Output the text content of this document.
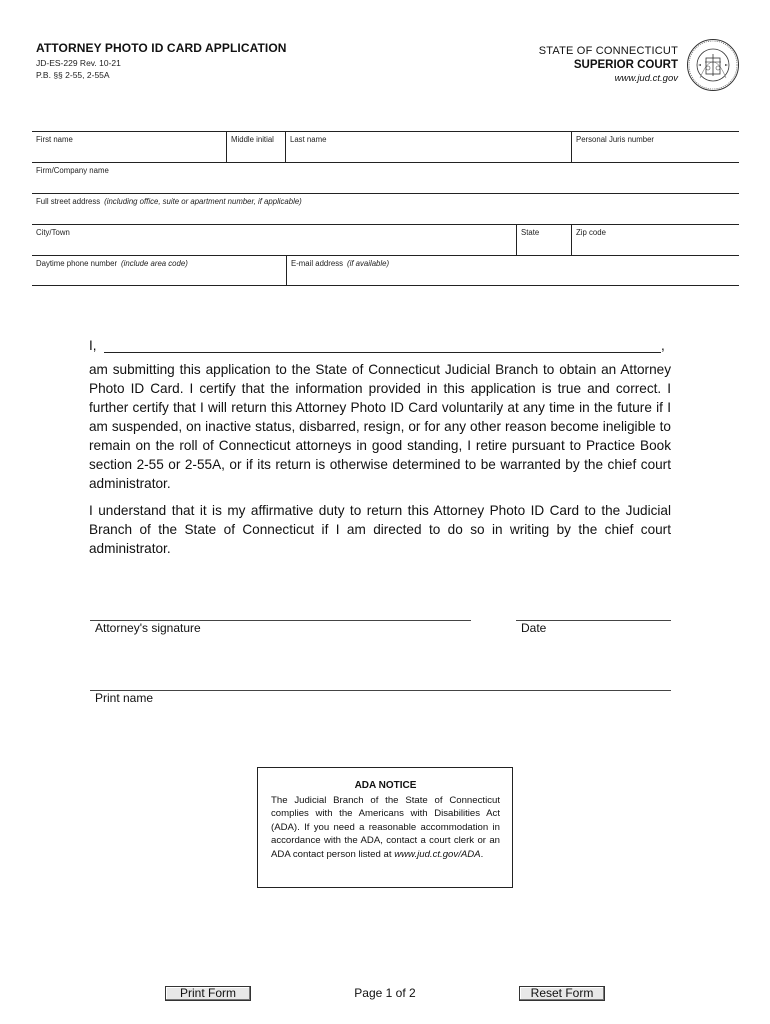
ATTORNEY PHOTO ID CARD APPLICATION
JD-ES-229 Rev. 10-21
P.B. §§ 2-55, 2-55A
STATE OF CONNECTICUT
SUPERIOR COURT
www.jud.ct.gov
First name	Middle initial	Last name	Personal Juris number
Firm/Company name
Full street address (including office, suite or apartment number, if applicable)
City/Town	State	Zip code
Daytime phone number (include area code)	E-mail address (if available)
I,	,
am submitting this application to the State of Connecticut Judicial Branch to obtain an Attorney Photo ID Card. I certify that the information provided in this application is true and correct. I further certify that I will return this Attorney Photo ID Card voluntarily at any time in the future if I am suspended, on inactive status, disbarred, resign, or for any other reason become ineligible to remain on the roll of Connecticut attorneys in good standing, I retire pursuant to Practice Book section 2-55 or 2-55A, or if its return is otherwise determined to be warranted by the chief court administrator.
I understand that it is my affirmative duty to return this Attorney Photo ID Card to the Judicial Branch of the State of Connecticut if I am directed to do so in writing by the chief court administrator.
Attorney's signature	Date
Print name
ADA NOTICE
The Judicial Branch of the State of Connecticut complies with the Americans with Disabilities Act (ADA). If you need a reasonable accommodation in accordance with the ADA, contact a court clerk or an ADA contact person listed at www.jud.ct.gov/ADA.
Print Form	Page 1 of 2	Reset Form
